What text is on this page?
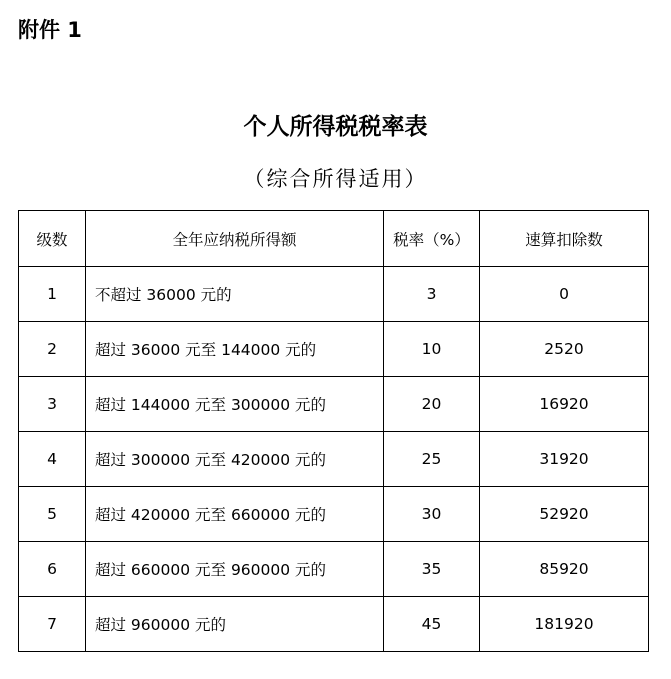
附件 1
个人所得税税率表
（综合所得适用）
级数	全年应纳税所得额	税率（%）	速算扣除数
1	不超过 36000 元的	3	0
2	超过 36000 元至 144000 元的	10	2520
3	超过 144000 元至 300000 元的	20	16920
4	超过 300000 元至 420000 元的	25	31920
5	超过 420000 元至 660000 元的	30	52920
6	超过 660000 元至 960000 元的	35	85920
7	超过 960000 元的	45	181920
